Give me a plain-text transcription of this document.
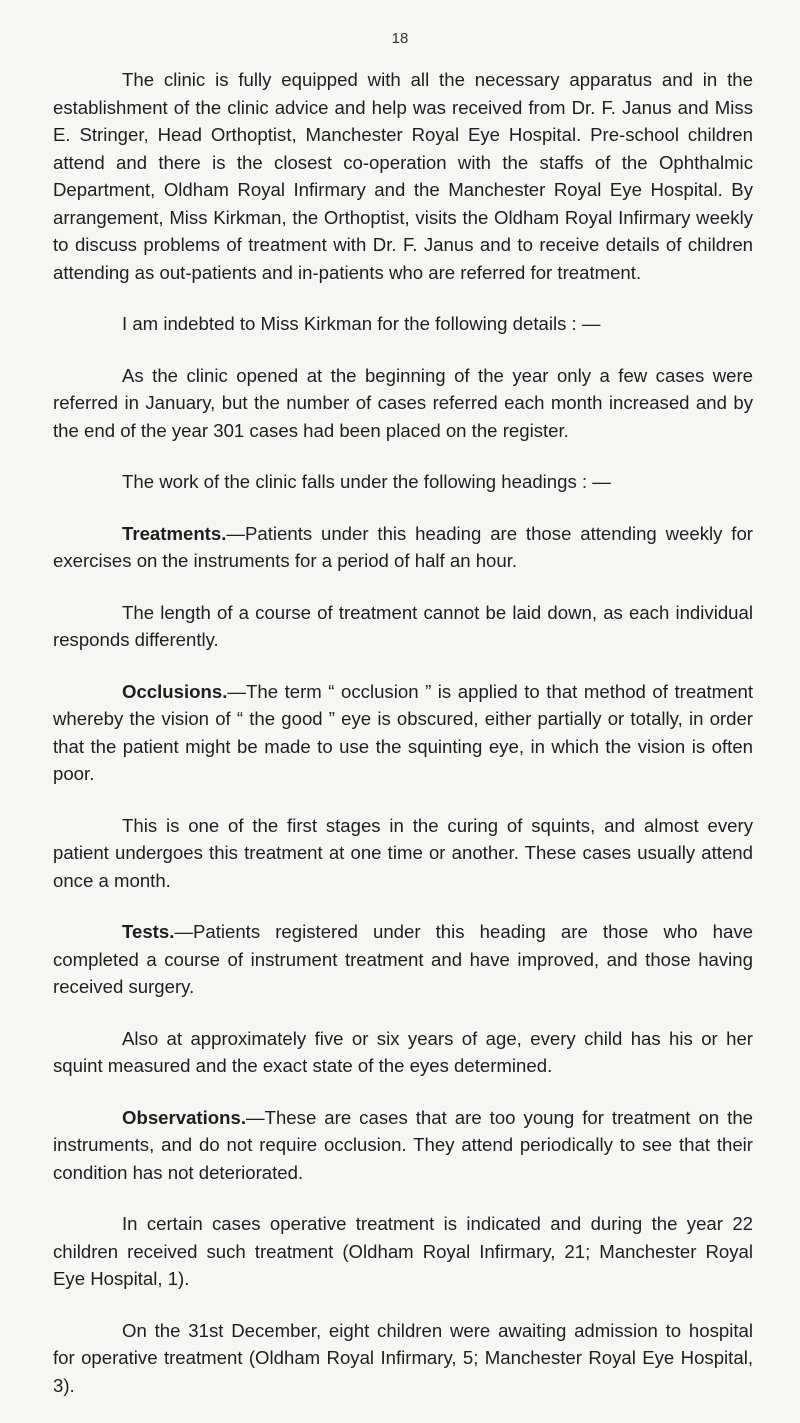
18

The clinic is fully equipped with all the necessary apparatus and in the establishment of the clinic advice and help was received from Dr. F. Janus and Miss E. Stringer, Head Orthoptist, Manchester Royal Eye Hospital. Pre-school children attend and there is the closest co-operation with the staffs of the Ophthalmic Department, Oldham Royal Infirmary and the Manchester Royal Eye Hospital. By arrangement, Miss Kirkman, the Orthoptist, visits the Oldham Royal Infirmary weekly to discuss problems of treatment with Dr. F. Janus and to receive details of children attending as out-patients and in-patients who are referred for treatment.

I am indebted to Miss Kirkman for the following details : —

As the clinic opened at the beginning of the year only a few cases were referred in January, but the number of cases referred each month increased and by the end of the year 301 cases had been placed on the register.

The work of the clinic falls under the following headings : —

Treatments.—Patients under this heading are those attending weekly for exercises on the instruments for a period of half an hour.

The length of a course of treatment cannot be laid down, as each individual responds differently.

Occlusions.—The term “ occlusion ” is applied to that method of treatment whereby the vision of “ the good ” eye is obscured, either partially or totally, in order that the patient might be made to use the squinting eye, in which the vision is often poor.

This is one of the first stages in the curing of squints, and almost every patient undergoes this treatment at one time or another. These cases usually attend once a month.

Tests.—Patients registered under this heading are those who have completed a course of instrument treatment and have improved, and those having received surgery.

Also at approximately five or six years of age, every child has his or her squint measured and the exact state of the eyes determined.

Observations.—These are cases that are too young for treatment on the instruments, and do not require occlusion. They attend periodically to see that their condition has not deteriorated.

In certain cases operative treatment is indicated and during the year 22 children received such treatment (Oldham Royal Infirmary, 21; Manchester Royal Eye Hospital, 1).

On the 31st December, eight children were awaiting admission to hospital for operative treatment (Oldham Royal Infirmary, 5; Manchester Royal Eye Hospital, 3).
